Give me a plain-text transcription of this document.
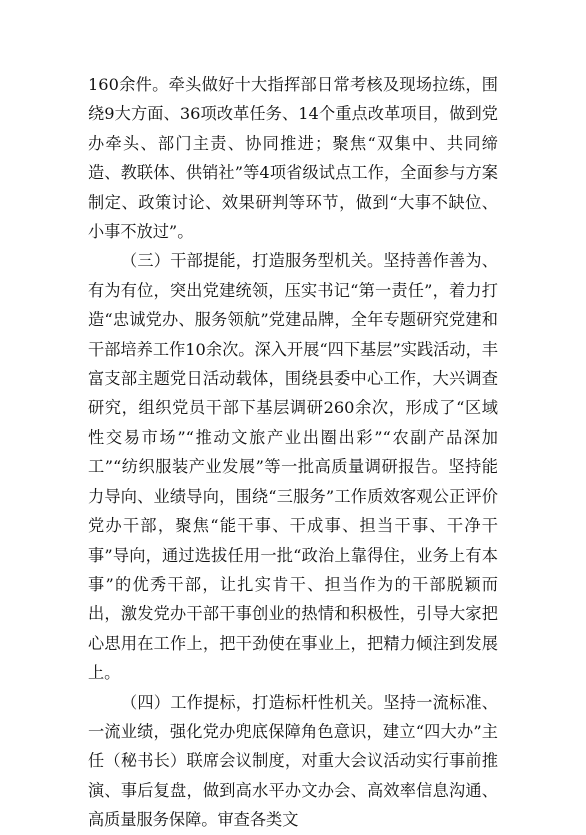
160余件。牵头做好十大指挥部日常考核及现场拉练，围绕9大方面、36项改革任务、14个重点改革项目，做到党办牵头、部门主责、协同推进；聚焦“双集中、共同缔造、教联体、供销社”等4项省级试点工作，全面参与方案制定、政策讨论、效果研判等环节，做到“大事不缺位、小事不放过”。

（三）干部提能，打造服务型机关。坚持善作善为、有为有位，突出党建统领，压实书记“第一责任”，着力打造“忠诚党办、服务领航”党建品牌，全年专题研究党建和干部培养工作10余次。深入开展“四下基层”实践活动，丰富支部主题党日活动载体，围绕县委中心工作，大兴调查研究，组织党员干部下基层调研260余次，形成了“区域性交易市场”“推动文旅产业出圈出彩”“农副产品深加工”“纺织服装产业发展”等一批高质量调研报告。坚持能力导向、业绩导向，围绕“三服务”工作质效客观公正评价党办干部，聚焦“能干事、干成事、担当干事、干净干事”导向，通过选拔任用一批“政治上靠得住，业务上有本事”的优秀干部，让扎实肯干、担当作为的干部脱颖而出，激发党办干部干事创业的热情和积极性，引导大家把心思用在工作上，把干劲使在事业上，把精力倾注到发展上。

（四）工作提标，打造标杆性机关。坚持一流标准、一流业绩，强化党办兜底保障角色意识，建立“四大办”主任（秘书长）联席会议制度，对重大会议活动实行事前推演、事后复盘，做到高水平办文办会、高效率信息沟通、高质量服务保障。审查各类文
